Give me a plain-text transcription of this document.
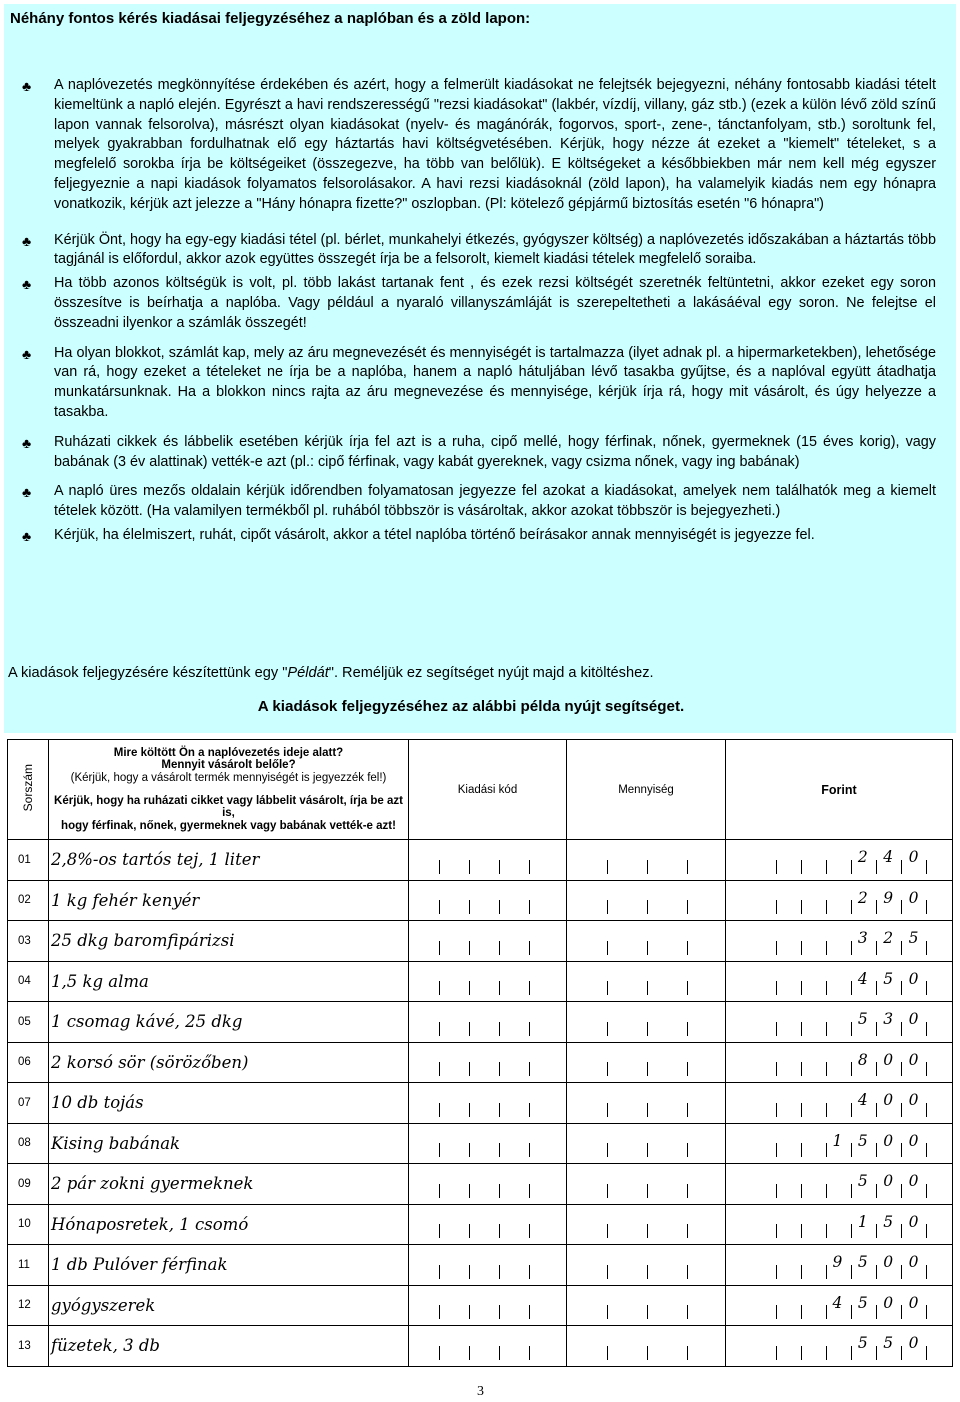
Néhány fontos kérés kiadásai feljegyzéséhez a naplóban és a zöld lapon:
♣ A naplóvezetés megkönnyítése érdekében és azért, hogy a felmerült kiadásokat ne felejtsék bejegyezni, néhány fontosabb kiadási tételt kiemeltünk a napló elején. Egyrészt a havi rendszerességű "rezsi kiadásokat" (lakbér, vízdíj, villany, gáz stb.) (ezek a külön lévő zöld színű lapon vannak felsorolva), másrészt olyan kiadásokat (nyelv- és magánórák, fogorvos, sport-, zene-, tánctanfolyam, stb.) soroltunk fel, melyek gyakrabban fordulhatnak elő egy háztartás havi költségvetésében. Kérjük, hogy nézze át ezeket a "kiemelt" tételeket, s a megfelelő sorokba írja be költségeiket (összegezve, ha több van belőlük). E költségeket a későbbiekben már nem kell még egyszer feljegyeznie a napi kiadások folyamatos felsorolásakor. A havi rezsi kiadásoknál (zöld lapon), ha valamelyik kiadás nem egy hónapra vonatkozik, kérjük azt jelezze a "Hány hónapra fizette?" oszlopban. (Pl: kötelező gépjármű biztosítás esetén "6 hónapra")
♣ Kérjük Önt, hogy ha egy-egy kiadási tétel (pl. bérlet, munkahelyi étkezés, gyógyszer költség) a naplóvezetés időszakában a háztartás több tagjánál is előfordul, akkor azok együttes összegét írja be a felsorolt, kiemelt kiadási tételek megfelelő soraiba.
♣ Ha több azonos költségük is volt, pl. több lakást tartanak fent , és ezek rezsi költségét szeretnék feltüntetni, akkor ezeket egy soron összesítve is beírhatja a naplóba. Vagy például a nyaraló villanyszámláját is szerepeltetheti a lakásáéval egy soron. Ne felejtse el összeadni ilyenkor a számlák összegét!
♣ Ha olyan blokkot, számlát kap, mely az áru megnevezését és mennyiségét is tartalmazza (ilyet adnak pl. a hipermarketekben), lehetősége van rá, hogy ezeket a tételeket ne írja be a naplóba, hanem a napló hátuljában lévő tasakba gyűjtse, és a naplóval együtt átadhatja munkatársunknak. Ha a blokkon nincs rajta az áru megnevezése és mennyisége, kérjük írja rá, hogy mit vásárolt, és úgy helyezze a tasakba.
♣ Ruházati cikkek és lábbelik esetében kérjük írja fel azt is a ruha, cipő mellé, hogy férfinak, nőnek, gyermeknek (15 éves korig), vagy babának (3 év alattinak) vették-e azt (pl.: cipő férfinak, vagy kabát gyereknek, vagy csizma nőnek, vagy ing babának)
♣ A napló üres mezős oldalain kérjük időrendben folyamatosan jegyezze fel azokat a kiadásokat, amelyek nem találhatók meg a kiemelt tételek között. (Ha valamilyen termékből pl. ruhából többször is vásároltak, akkor azokat többször is bejegyezheti.)
♣ Kérjük, ha élelmiszert, ruhát, cipőt vásárolt, akkor a tétel naplóba történő beírásakor annak mennyiségét is jegyezze fel.
A kiadások feljegyzésére készítettünk egy "Példát". Reméljük ez segítséget nyújt majd a kitöltéshez.
A kiadások feljegyzéséhez az alábbi példa nyújt segítséget.
Sorszám	Mire költött Ön a naplóvezetés ideje alatt?
Mennyit vásárolt belőle?
(Kérjük, hogy a vásárolt termék mennyiségét is jegyezzék fel!)
Kérjük, hogy ha ruházati cikket vagy lábbelit vásárolt, írja be azt is,
hogy férfinak, nőnek, gyermeknek vagy babának vették-e azt!	Kiadási kód	Mennyiség	Forint
01	2,8%-os tartós tej, 1 liter			240

02	1 kg fehér kenyér			290

03	25 dkg baromfipárizsi			325

04	1,5 kg alma			450

05	1 csomag kávé, 25 dkg			530

06	2 korsó sör (sörözőben)			800

07	10 db tojás			400

08	Kising babának			1500

09	2 pár zokni gyermeknek			500

10	Hónaposretek, 1 csomó			150

11	1 db Pulóver férfinak			9500

12	gyógyszerek			4500

13	füzetek, 3 db			550
3
